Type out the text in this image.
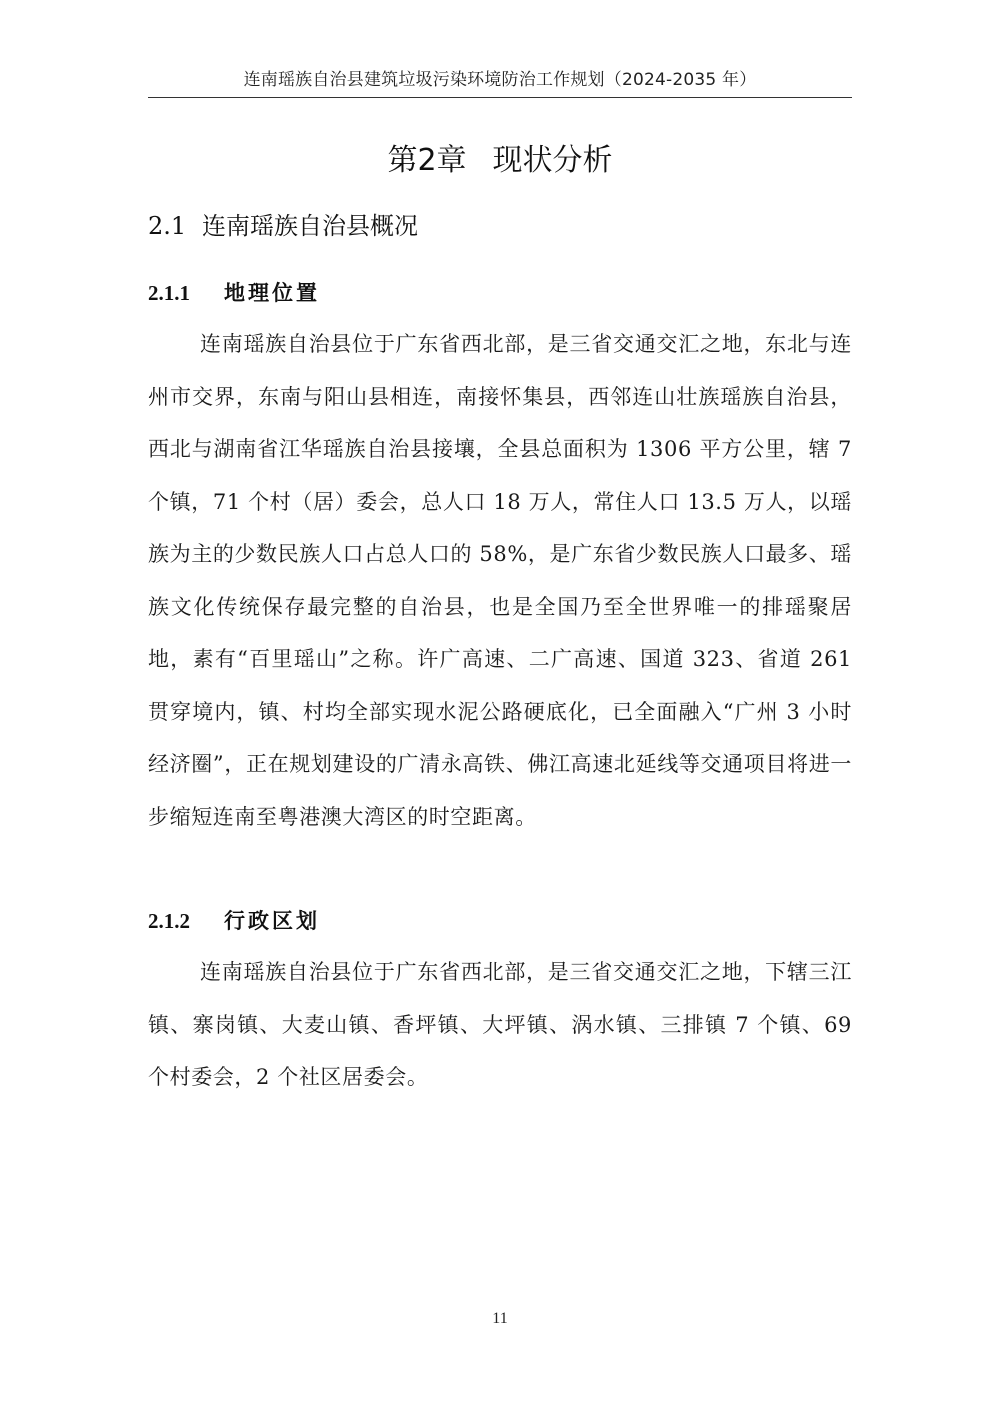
连南瑶族自治县建筑垃圾污染环境防治工作规划（2024-2035 年）
第2章 现状分析
2.1 连南瑶族自治县概况
2.1.1 地理位置

连南瑶族自治县位于广东省西北部，是三省交通交汇之地，东北与连州市交界，东南与阳山县相连，南接怀集县，西邻连山壮族瑶族自治县，西北与湖南省江华瑶族自治县接壤，全县总面积为 1306 平方公里，辖 7 个镇，71 个村（居）委会，总人口 18 万人，常住人口 13.5 万人，以瑶族为主的少数民族人口占总人口的 58%，是广东省少数民族人口最多、瑶族文化传统保存最完整的自治县，也是全国乃至全世界唯一的排瑶聚居地，素有“百里瑶山”之称。许广高速、二广高速、国道 323、省道 261 贯穿境内，镇、村均全部实现水泥公路硬底化，已全面融入“广州 3 小时经济圈”，正在规划建设的广清永高铁、佛江高速北延线等交通项目将进一步缩短连南至粤港澳大湾区的时空距离。

2.1.2 行政区划

连南瑶族自治县位于广东省西北部，是三省交通交汇之地，下辖三江镇、寨岗镇、大麦山镇、香坪镇、大坪镇、涡水镇、三排镇 7 个镇、69 个村委会，2 个社区居委会。

11
